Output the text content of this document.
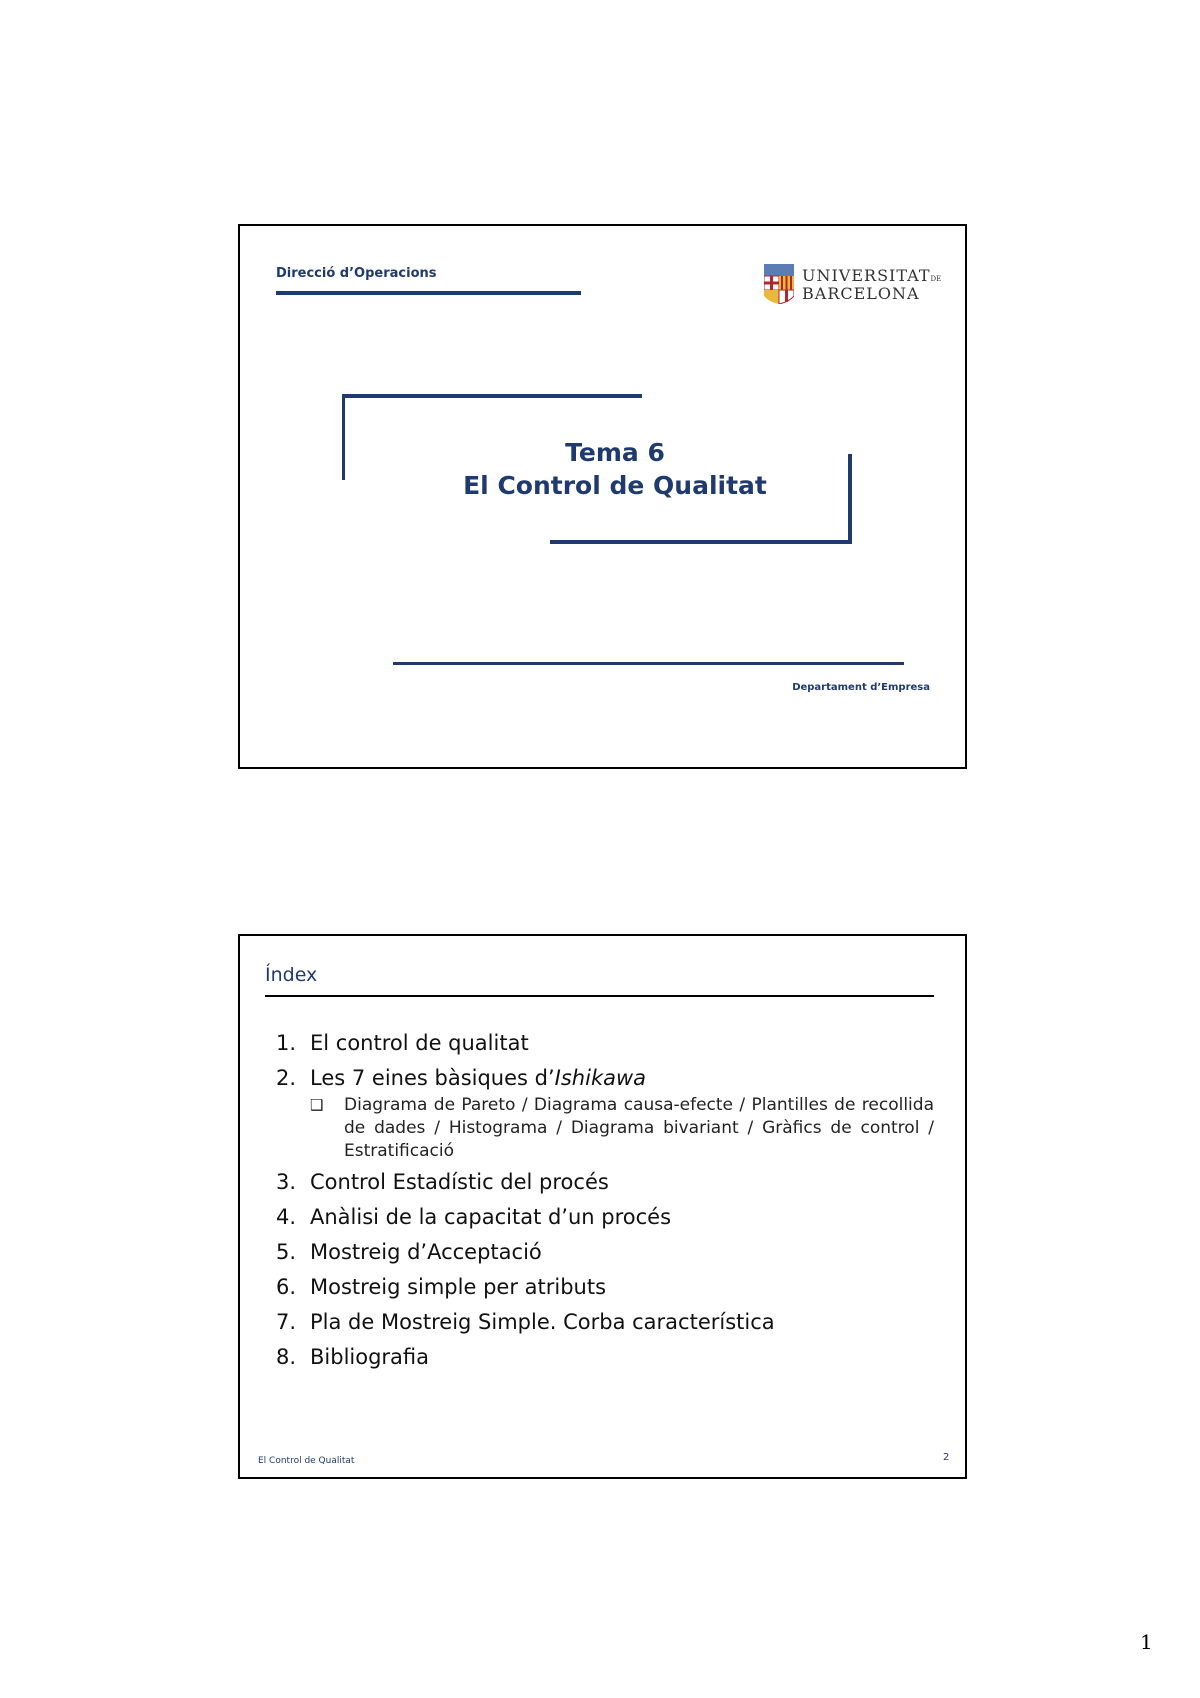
Direcció d’Operacions	UNIVERSITATDE
BARCELONA
Tema 6
El Control de Qualitat
Departament d’Empresa
Índex
1. El control de qualitat
2. Les 7 eines bàsiques d’Ishikawa
❑	Diagrama de Pareto / Diagrama causa-efecte / Plantilles de recollida de dades / Histograma / Diagrama bivariant / Gràfics de control / Estratificació
3. Control Estadístic del procés
4. Anàlisi de la capacitat d’un procés
5. Mostreig d’Acceptació
6. Mostreig simple per atributs
7. Pla de Mostreig Simple. Corba característica
8. Bibliografia
El Control de Qualitat	2
1
